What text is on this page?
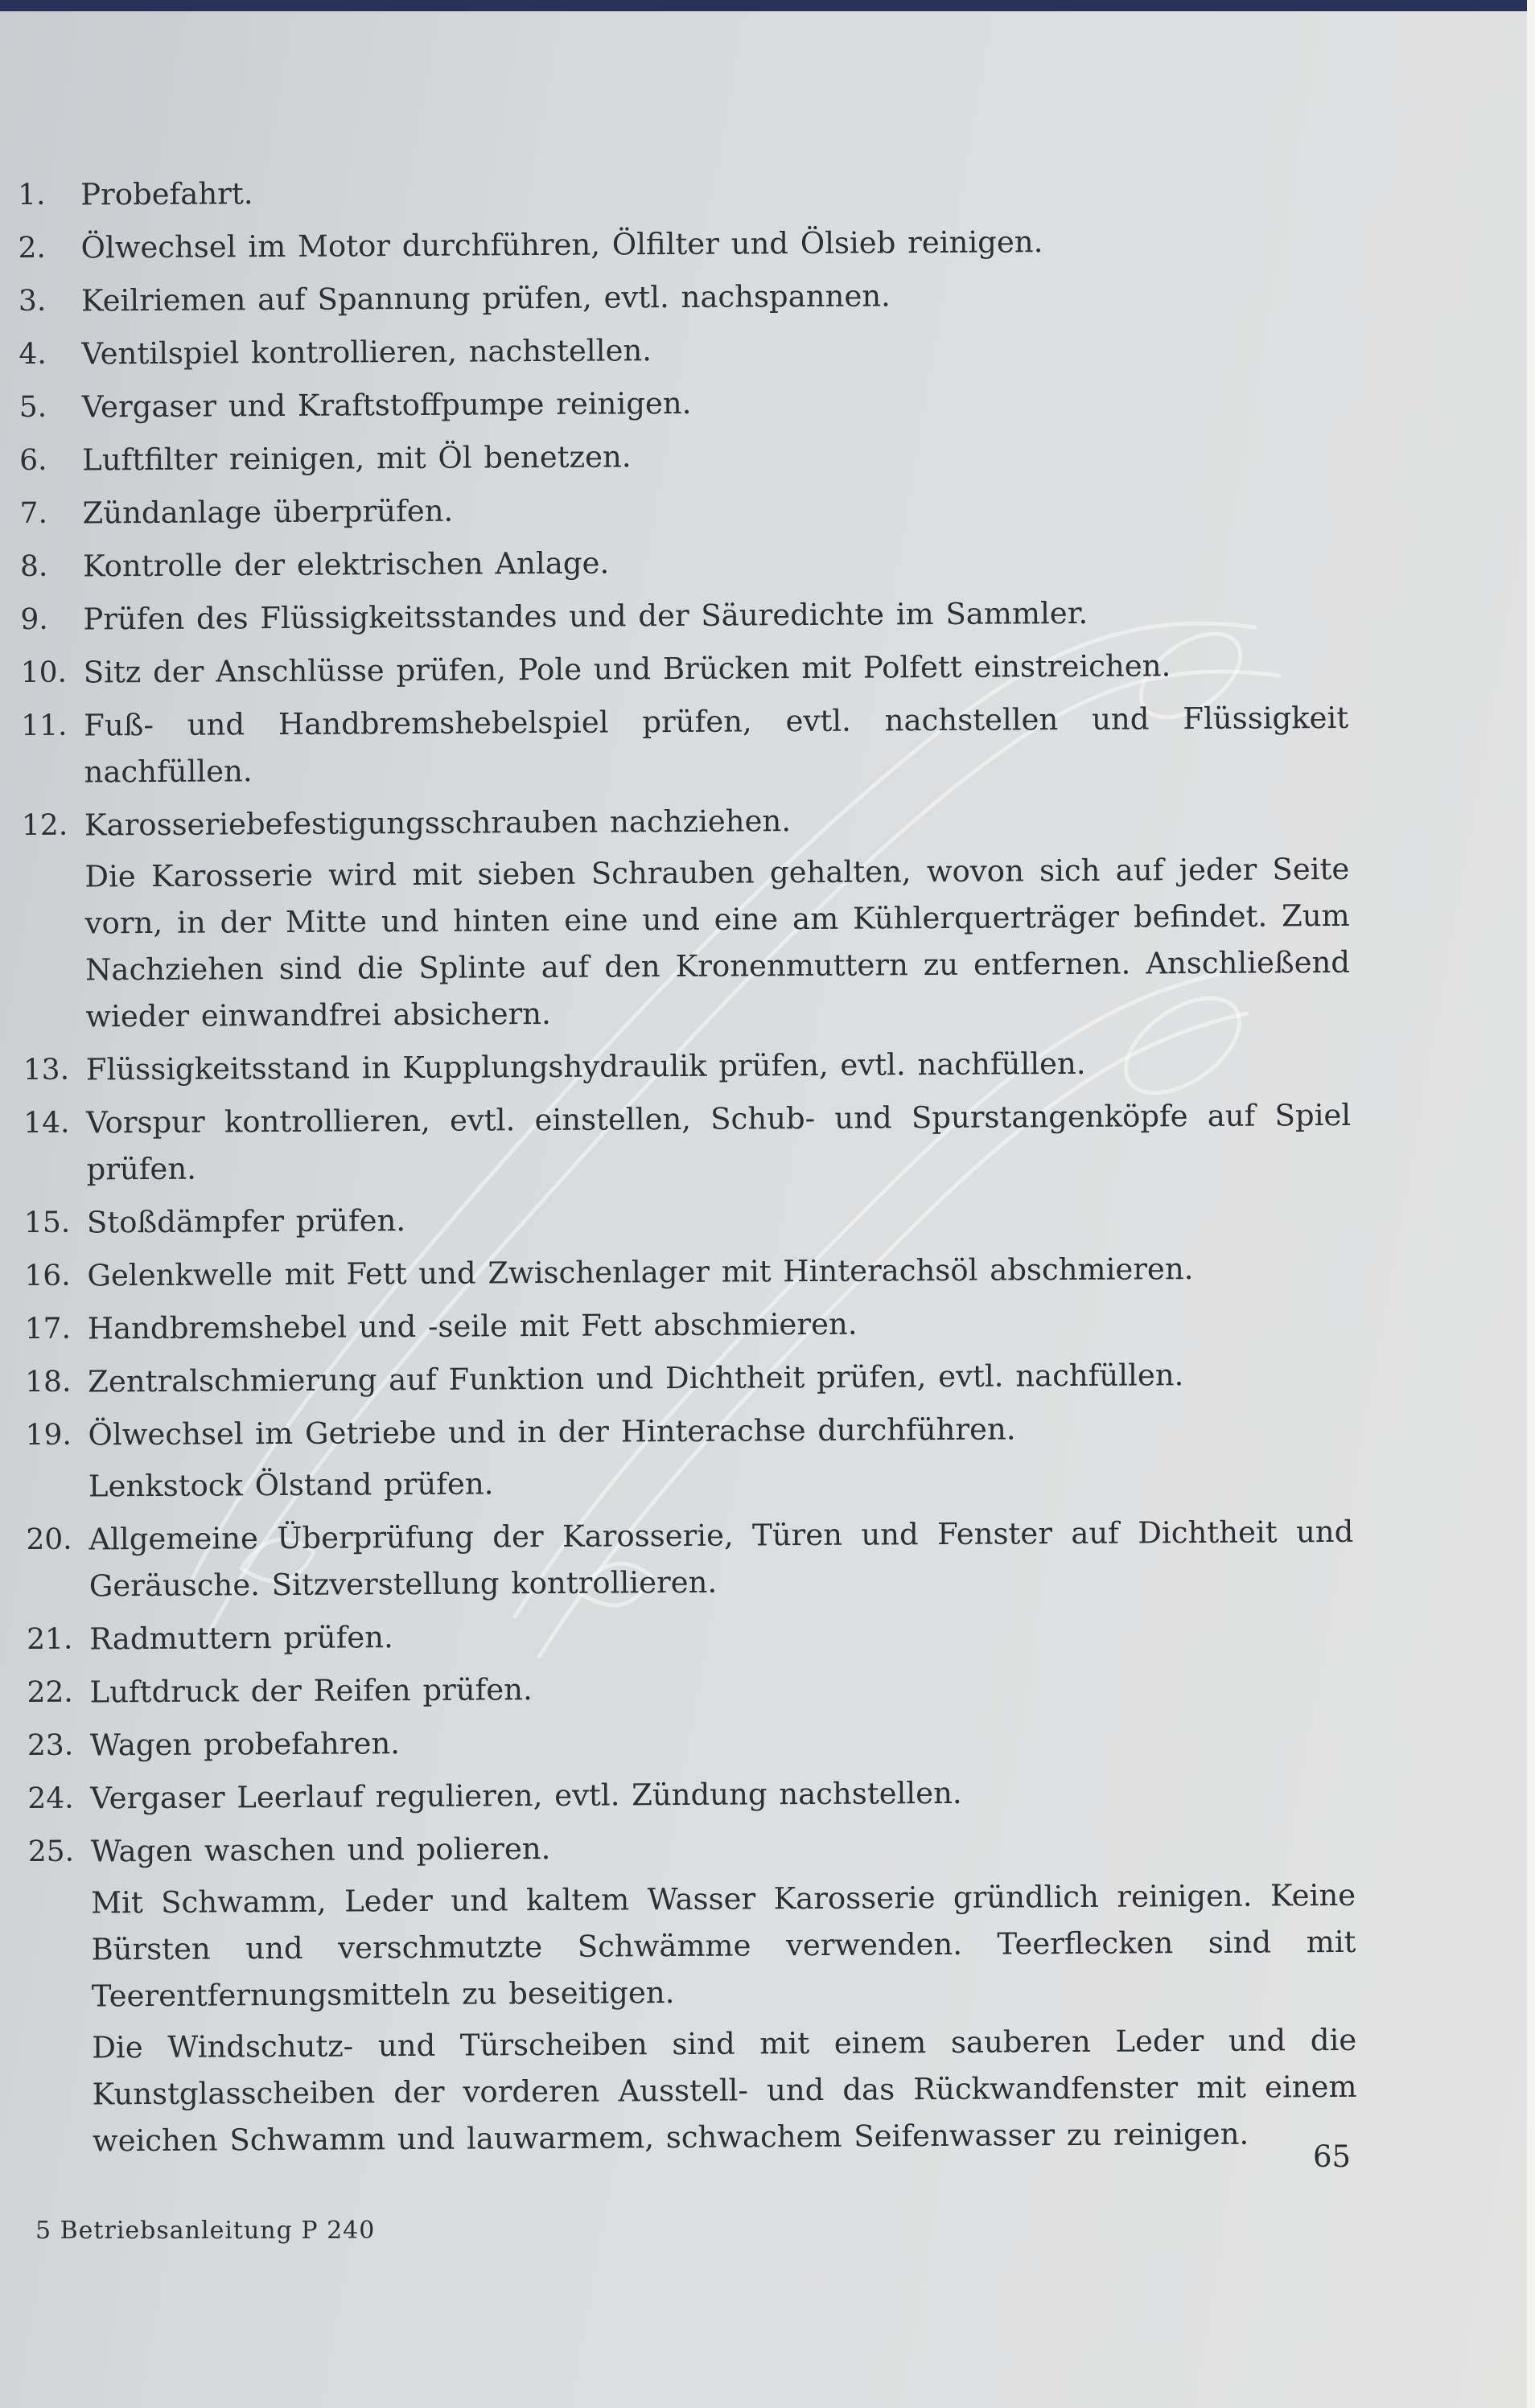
1.	Probefahrt.
2.	Ölwechsel im Motor durchführen, Ölfilter und Ölsieb reinigen.
3.	Keilriemen auf Spannung prüfen, evtl. nachspannen.
4.	Ventilspiel kontrollieren, nachstellen.
5.	Vergaser und Kraftstoffpumpe reinigen.
6.	Luftfilter reinigen, mit Öl benetzen.
7.	Zündanlage überprüfen.
8.	Kontrolle der elektrischen Anlage.
9.	Prüfen des Flüssigkeitsstandes und der Säuredichte im Sammler.
10. Sitz der Anschlüsse prüfen, Pole und Brücken mit Polfett einstreichen.
11. Fuß- und Handbremshebelspiel prüfen, evtl. nachstellen und Flüssigkeit nachfüllen.
12. Karosseriebefestigungsschrauben nachziehen.
Die Karosserie wird mit sieben Schrauben gehalten, wovon sich auf jeder Seite vorn, in der Mitte und hinten eine und eine am Kühlerquerträger befindet. Zum Nachziehen sind die Splinte auf den Kronenmuttern zu entfernen. Anschließend wieder einwandfrei absichern.
13. Flüssigkeitsstand in Kupplungshydraulik prüfen, evtl. nachfüllen.
14. Vorspur kontrollieren, evtl. einstellen, Schub- und Spurstangenköpfe auf Spiel prüfen.
15. Stoßdämpfer prüfen.
16. Gelenkwelle mit Fett und Zwischenlager mit Hinterachsöl abschmieren.
17. Handbremshebel und -seile mit Fett abschmieren.
18. Zentralschmierung auf Funktion und Dichtheit prüfen, evtl. nachfüllen.
19. Ölwechsel im Getriebe und in der Hinterachse durchführen.
Lenkstock Ölstand prüfen.
20. Allgemeine Überprüfung der Karosserie, Türen und Fenster auf Dichtheit und Geräusche. Sitzverstellung kontrollieren.
21. Radmuttern prüfen.
22. Luftdruck der Reifen prüfen.
23. Wagen probefahren.
24. Vergaser Leerlauf regulieren, evtl. Zündung nachstellen.
25. Wagen waschen und polieren.
Mit Schwamm, Leder und kaltem Wasser Karosserie gründlich reinigen. Keine Bürsten und verschmutzte Schwämme verwenden. Teerflecken sind mit Teerentfernungsmitteln zu beseitigen.
Die Windschutz- und Türscheiben sind mit einem sauberen Leder und die Kunstglasscheiben der vorderen Ausstell- und das Rückwandfenster mit einem weichen Schwamm und lauwarmem, schwachem Seifenwasser zu reinigen.	65
5 Betriebsanleitung P 240
